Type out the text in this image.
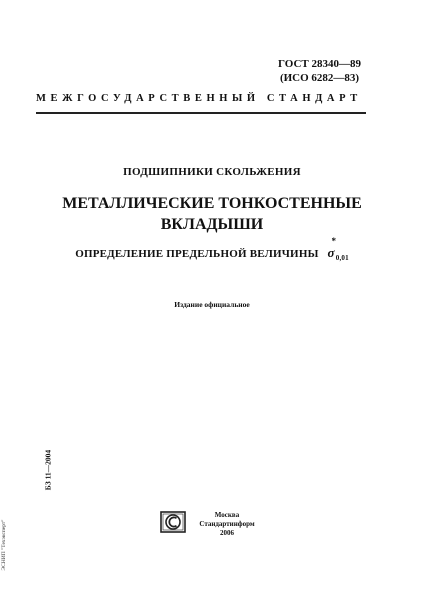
ГОСТ 28340—89
(ИСО 6282—83)
МЕЖГОСУДАРСТВЕННЫЙ СТАНДАРТ
ПОДШИПНИКИ СКОЛЬЖЕНИЯ
МЕТАЛЛИЧЕСКИЕ ТОНКОСТЕННЫЕ
ВКЛАДЫШИ
ОПРЕДЕЛЕНИЕ ПРЕДЕЛЬНОЙ ВЕЛИЧИНЫ σ
*
$_{0,01}$
Издание официальное
БЗ 11—2004
ЭСНИП "Техэксперт"
Москва
Стандартинформ
2006
